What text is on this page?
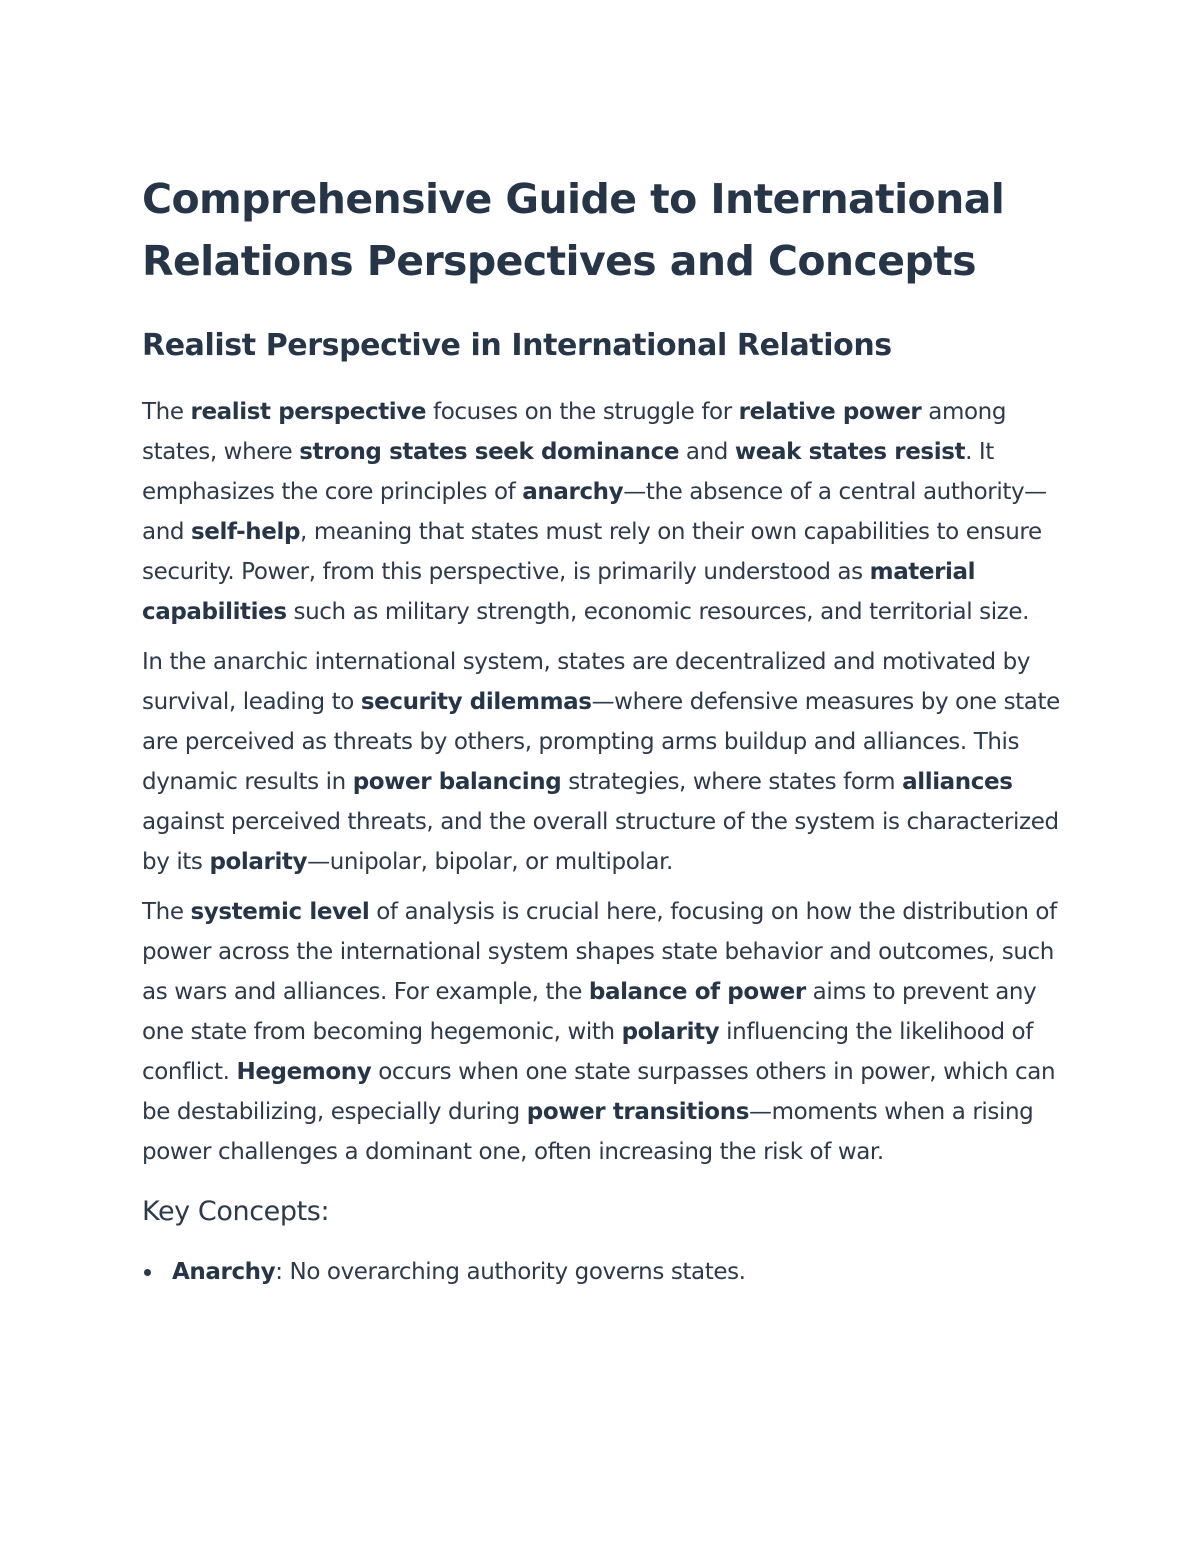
Comprehensive Guide to International Relations Perspectives and Concepts
Realist Perspective in International Relations

The realist perspective focuses on the struggle for relative power among states, where strong states seek dominance and weak states resist. It emphasizes the core principles of anarchy—the absence of a central authority—and self-help, meaning that states must rely on their own capabilities to ensure security. Power, from this perspective, is primarily understood as material capabilities such as military strength, economic resources, and territorial size.

In the anarchic international system, states are decentralized and motivated by survival, leading to security dilemmas—where defensive measures by one state are perceived as threats by others, prompting arms buildup and alliances. This dynamic results in power balancing strategies, where states form alliances against perceived threats, and the overall structure of the system is characterized by its polarity—unipolar, bipolar, or multipolar.

The systemic level of analysis is crucial here, focusing on how the distribution of power across the international system shapes state behavior and outcomes, such as wars and alliances. For example, the balance of power aims to prevent any one state from becoming hegemonic, with polarity influencing the likelihood of conflict. Hegemony occurs when one state surpasses others in power, which can be destabilizing, especially during power transitions—moments when a rising power challenges a dominant one, often increasing the risk of war.

Key Concepts:
Anarchy: No overarching authority governs states.
